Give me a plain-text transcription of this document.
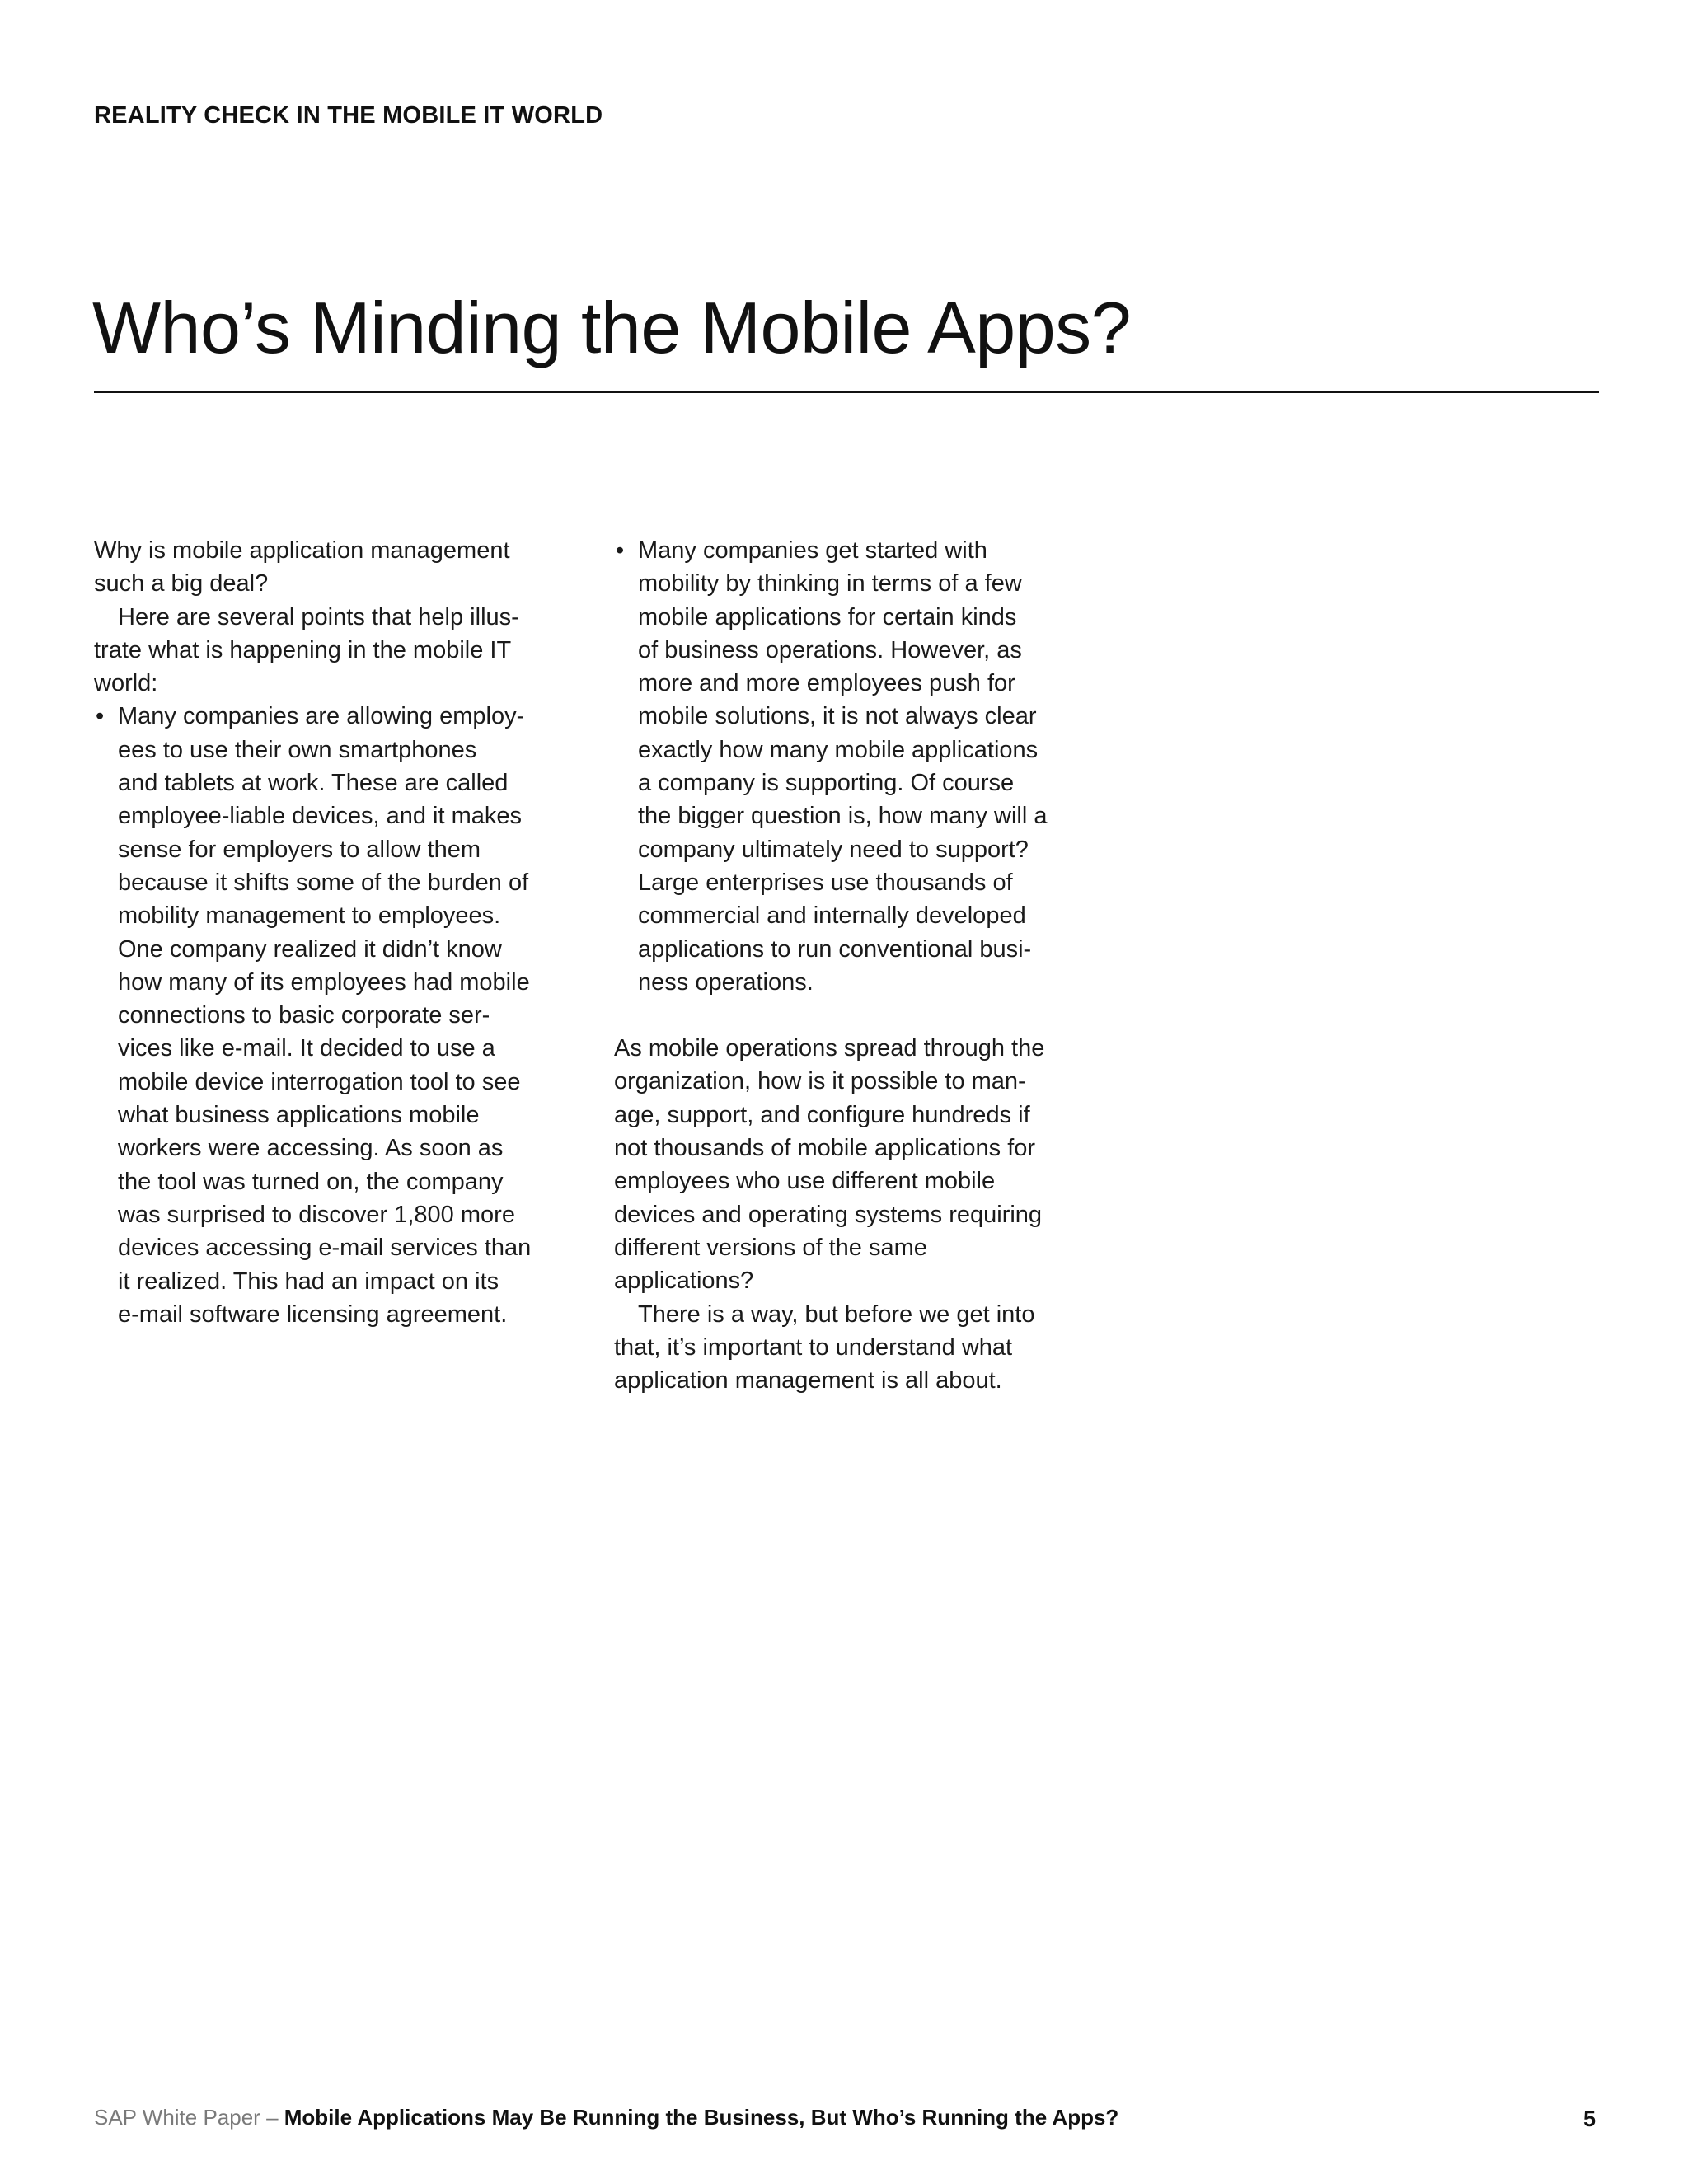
REALITY CHECK IN THE MOBILE IT WORLD
Who’s Minding the Mobile Apps?

Why is mobile application management
such a big deal?

Here are several points that help illus-
trate what is happening in the mobile IT
world:

• Many companies are allowing employ-
ees to use their own smartphones
and tablets at work. These are called
employee-liable devices, and it makes
sense for employers to allow them
because it shifts some of the burden of
mobility management to employees.
One company realized it didn’t know
how many of its employees had mobile
connections to basic corporate ser-
vices like e-mail. It decided to use a
mobile device interrogation tool to see
what business applications mobile
workers were accessing. As soon as
the tool was turned on, the company
was surprised to discover 1,800 more
devices accessing e-mail services than
it realized. This had an impact on its
e-mail software licensing agreement.
• Many companies get started with
mobility by thinking in terms of a few
mobile applications for certain kinds
of business operations. However, as
more and more employees push for
mobile solutions, it is not always clear
exactly how many mobile applications
a company is supporting. Of course
the bigger question is, how many will a
company ultimately need to support?
Large enterprises use thousands of
commercial and internally developed
applications to run conventional busi-
ness operations.

As mobile operations spread through the
organization, how is it possible to man-
age, support, and configure hundreds if
not thousands of mobile applications for
employees who use different mobile
devices and operating systems requiring
different versions of the same
applications?

There is a way, but before we get into
that, it’s important to understand what
application management is all about.

SAP White Paper – Mobile Applications May Be Running the Business, But Who’s Running the Apps?	5
